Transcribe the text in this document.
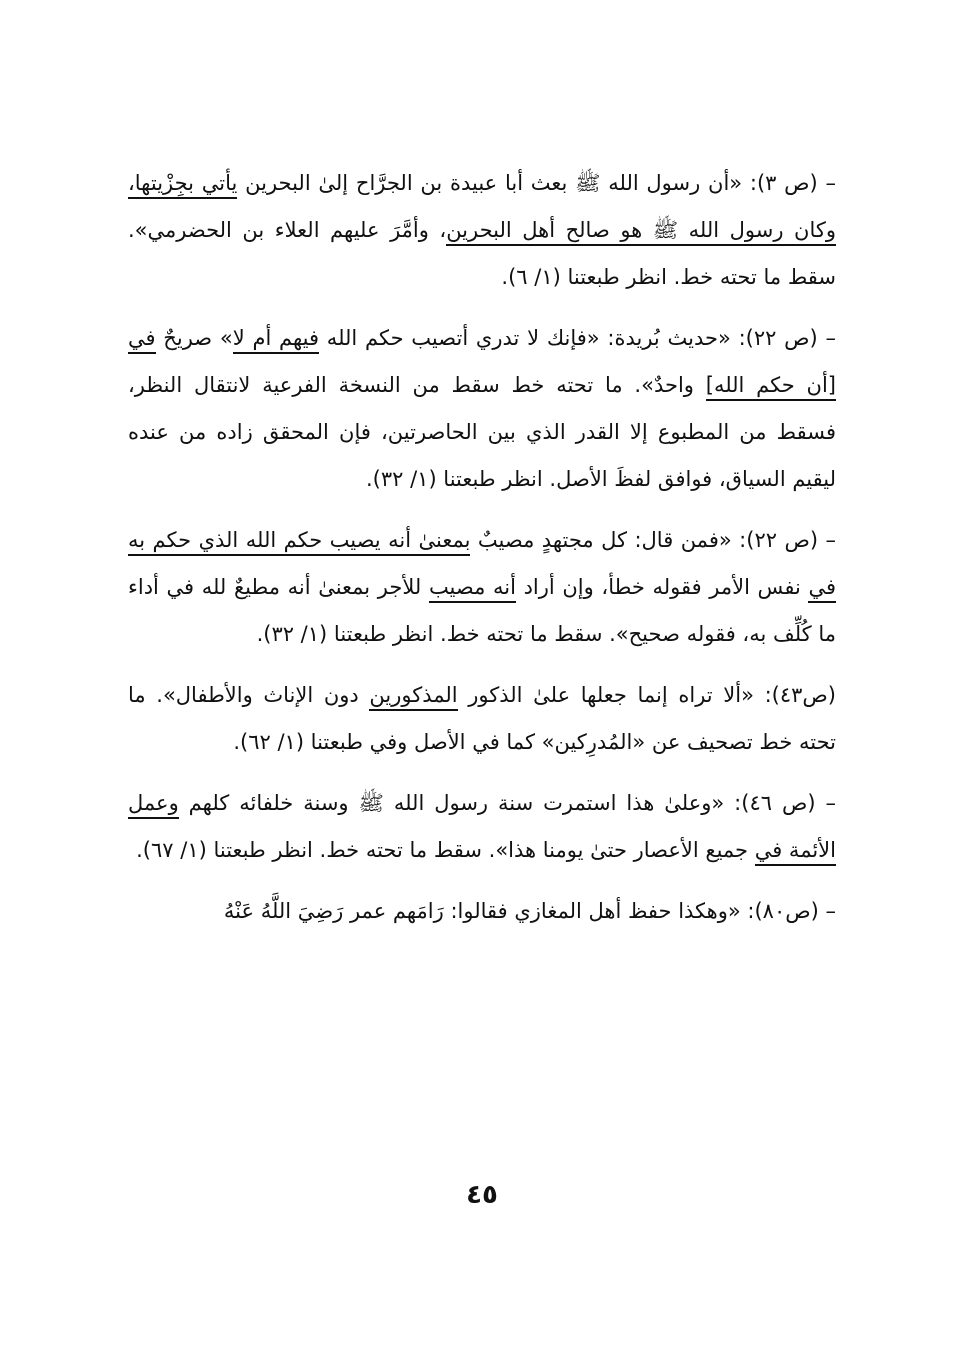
– (ص ٣): «أن رسول الله ﷺ بعث أبا عبيدة بن الجرَّاح إلىٰ البحرين يأتي بجِزْيتها، وكان رسول الله ﷺ هو صالح أهل البحرين، وأمَّرَ عليهم العلاء بن الحضرمي». سقط ما تحته خط. انظر طبعتنا (١/ ٦).

– (ص ٢٢): «حديث بُريدة: «فإنك لا تدري أتصيب حكم الله فيهم أم لا» صريحٌ في [أن حكم الله] واحدٌ». ما تحته خط سقط من النسخة الفرعية لانتقال النظر، فسقط من المطبوع إلا القدر الذي بين الحاصرتين، فإن المحقق زاده من عنده ليقيم السياق، فوافق لفظَ الأصل. انظر طبعتنا (١/ ٣٢).

– (ص ٢٢): «فمن قال: كل مجتهدٍ مصيبٌ بمعنىٰ أنه يصيب حكم الله الذي حكم به في نفس الأمر فقوله خطأ، وإن أراد أنه مصيب للأجر بمعنىٰ أنه مطيعٌ لله في أداء ما كُلِّف به، فقوله صحيح». سقط ما تحته خط. انظر طبعتنا (١/ ٣٢).

(ص٤٣): «ألا تراه إنما جعلها علىٰ الذكور المذكورين دون الإناث والأطفال». ما تحته خط تصحيف عن «المُدرِكين» كما في الأصل وفي طبعتنا (١/ ٦٢).

– (ص ٤٦): «وعلىٰ هذا استمرت سنة رسول الله ﷺ وسنة خلفائه كلهم وعمل الأئمة في جميع الأعصار حتىٰ يومنا هذا». سقط ما تحته خط. انظر طبعتنا (١/ ٦٧).

– (ص٨٠): «وهكذا حفظ أهل المغازي فقالوا: رَامَهم عمر رَضِيَ اللَّهُ عَنْهُ

٤٥
